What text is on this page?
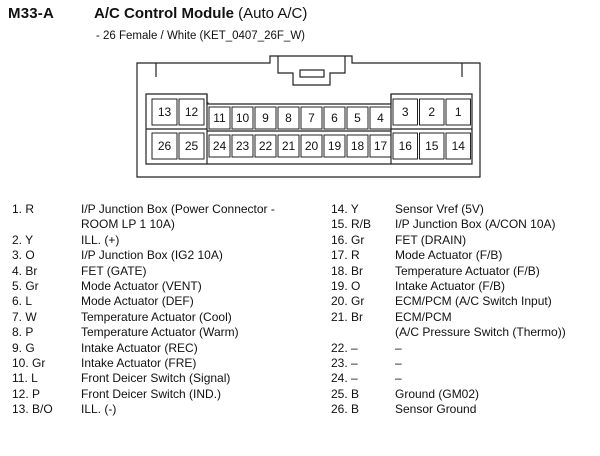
M33-A	A/C Control Module (Auto A/C)
- 26 Female / White (KET_0407_26F_W)
13 12
26 25
11 10 9 8 7 6 5 4
24 23 22 21 20 19 18 17
3 2 1
16 15 14
1. R	I/P Junction Box (Power Connector -
ROOM LP 1 10A)
2. Y	ILL. (+)
3. O	I/P Junction Box (IG2 10A)
4. Br	FET (GATE)
5. Gr	Mode Actuator (VENT)
6. L	Mode Actuator (DEF)
7. W	Temperature Actuator (Cool)
8. P	Temperature Actuator (Warm)
9. G	Intake Actuator (REC)
10. Gr	Intake Actuator (FRE)
11. L	Front Deicer Switch (Signal)
12. P	Front Deicer Switch (IND.)
13. B/O ILL. (-)
14. Y	Sensor Vref (5V)
15. R/B I/P Junction Box (A/CON 10A)
16. Gr	FET (DRAIN)
17. R	Mode Actuator (F/B)
18. Br	Temperature Actuator (F/B)
19. O	Intake Actuator (F/B)
20. Gr	ECM/PCM (A/C Switch Input)
21. Br	ECM/PCM
(A/C Pressure Switch (Thermo))
22. –	–
23. –	–
24. –	–
25. B	Ground (GM02)
26. B	Sensor Ground
